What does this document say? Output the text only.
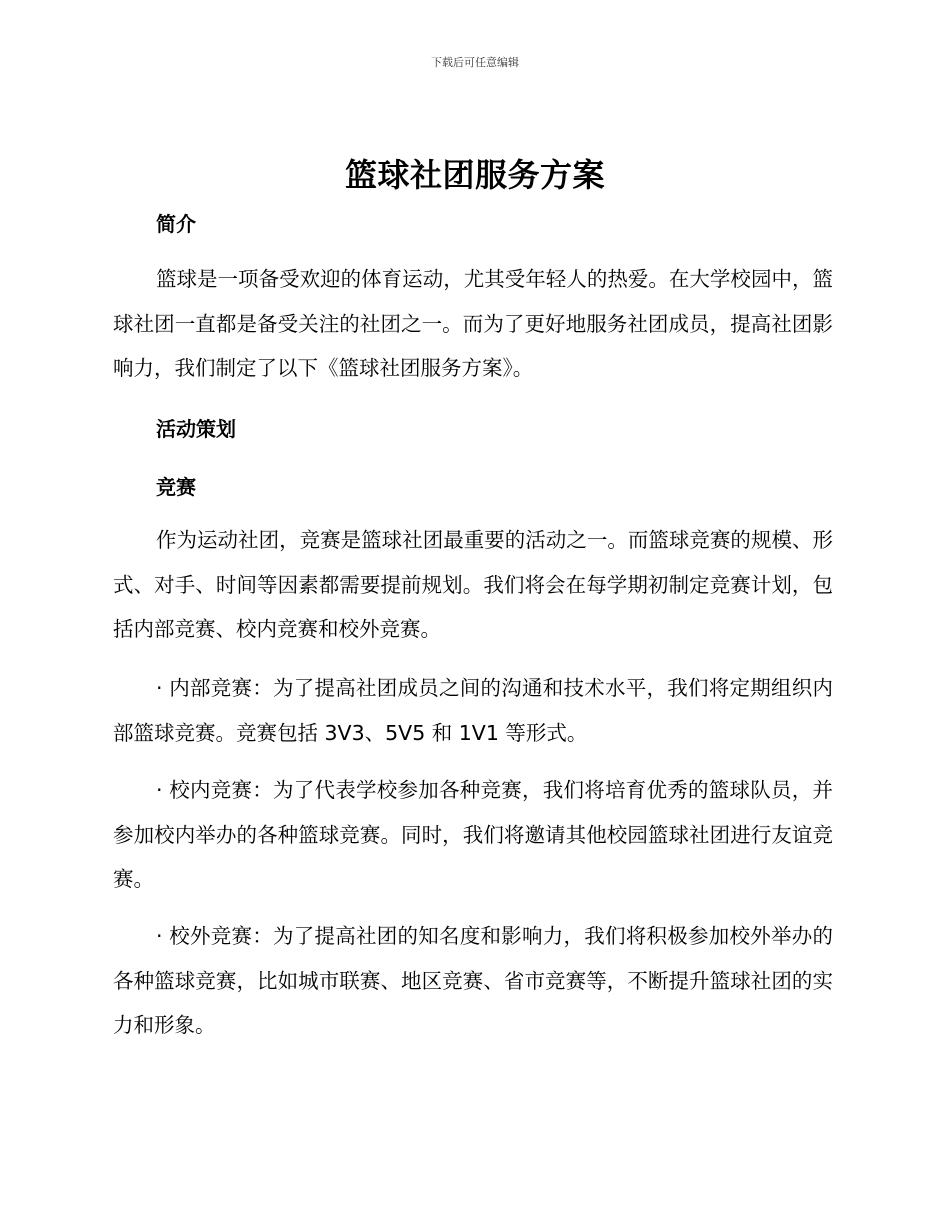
下载后可任意编辑
篮球社团服务方案
简介

篮球是一项备受欢迎的体育运动，尤其受年轻人的热爱。在大学校园中，篮球社团一直都是备受关注的社团之一。而为了更好地服务社团成员，提高社团影响力，我们制定了以下《篮球社团服务方案》。

活动策划
竞赛

作为运动社团，竞赛是篮球社团最重要的活动之一。而篮球竞赛的规模、形式、对手、时间等因素都需要提前规划。我们将会在每学期初制定竞赛计划，包括内部竞赛、校内竞赛和校外竞赛。

· 内部竞赛：为了提高社团成员之间的沟通和技术水平，我们将定期组织内部篮球竞赛。竞赛包括 3V3、5V5 和 1V1 等形式。

· 校内竞赛：为了代表学校参加各种竞赛，我们将培育优秀的篮球队员，并参加校内举办的各种篮球竞赛。同时，我们将邀请其他校园篮球社团进行友谊竞赛。

· 校外竞赛：为了提高社团的知名度和影响力，我们将积极参加校外举办的各种篮球竞赛，比如城市联赛、地区竞赛、省市竞赛等，不断提升篮球社团的实力和形象。
